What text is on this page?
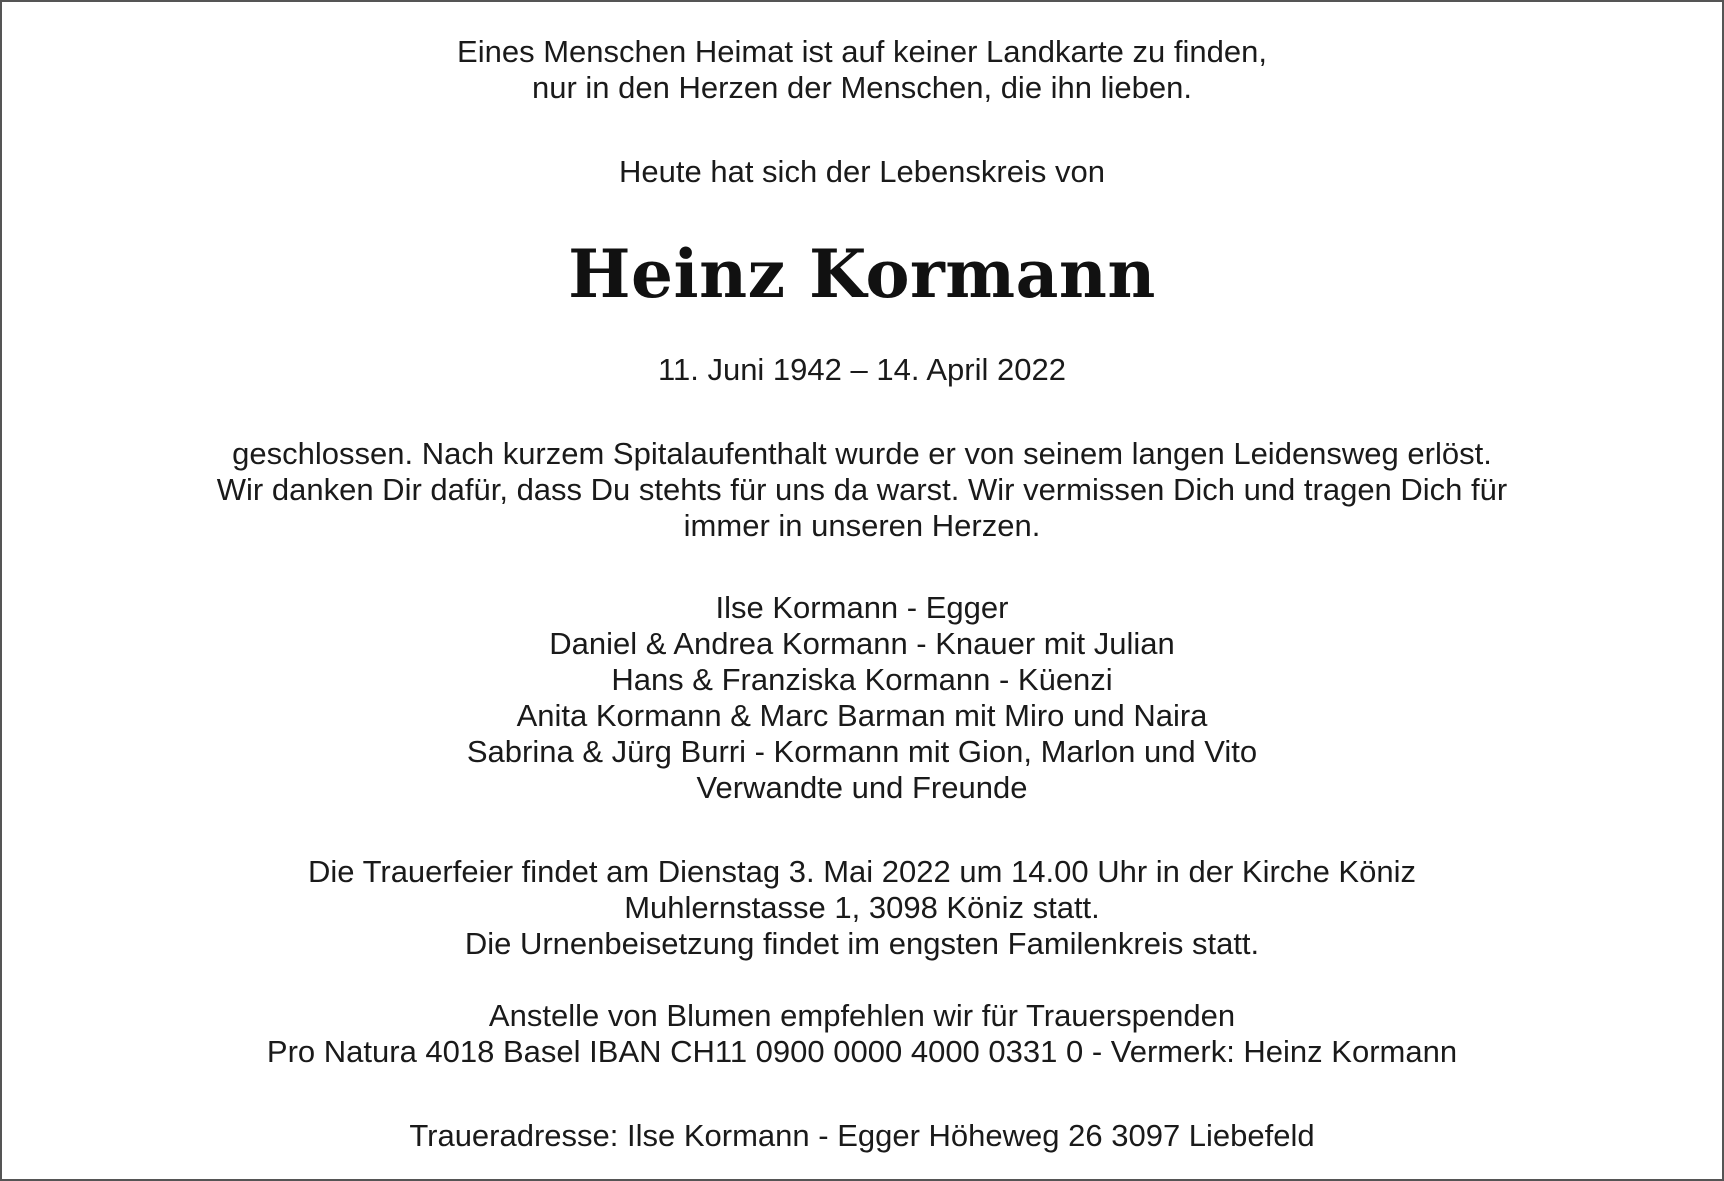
Eines Menschen Heimat ist auf keiner Landkarte zu finden,
nur in den Herzen der Menschen, die ihn lieben.

Heute hat sich der Lebenskreis von

Heinz Kormann

11. Juni 1942 – 14. April 2022

geschlossen. Nach kurzem Spitalaufenthalt wurde er von seinem langen Leidensweg erlöst.
Wir danken Dir dafür, dass Du stehts für uns da warst. Wir vermissen Dich und tragen Dich für
immer in unseren Herzen.

Ilse Kormann - Egger
Daniel & Andrea Kormann - Knauer mit Julian
Hans & Franziska Kormann - Küenzi
Anita Kormann & Marc Barman mit Miro und Naira
Sabrina & Jürg Burri - Kormann mit Gion, Marlon und Vito
Verwandte und Freunde

Die Trauerfeier findet am Dienstag 3. Mai 2022 um 14.00 Uhr in der Kirche Köniz
Muhlernstasse 1, 3098 Köniz statt.
Die Urnenbeisetzung findet im engsten Familenkreis statt.

Anstelle von Blumen empfehlen wir für Trauerspenden
Pro Natura 4018 Basel IBAN CH11 0900 0000 4000 0331 0 - Vermerk: Heinz Kormann

Traueradresse: Ilse Kormann - Egger Höheweg 26 3097 Liebefeld
